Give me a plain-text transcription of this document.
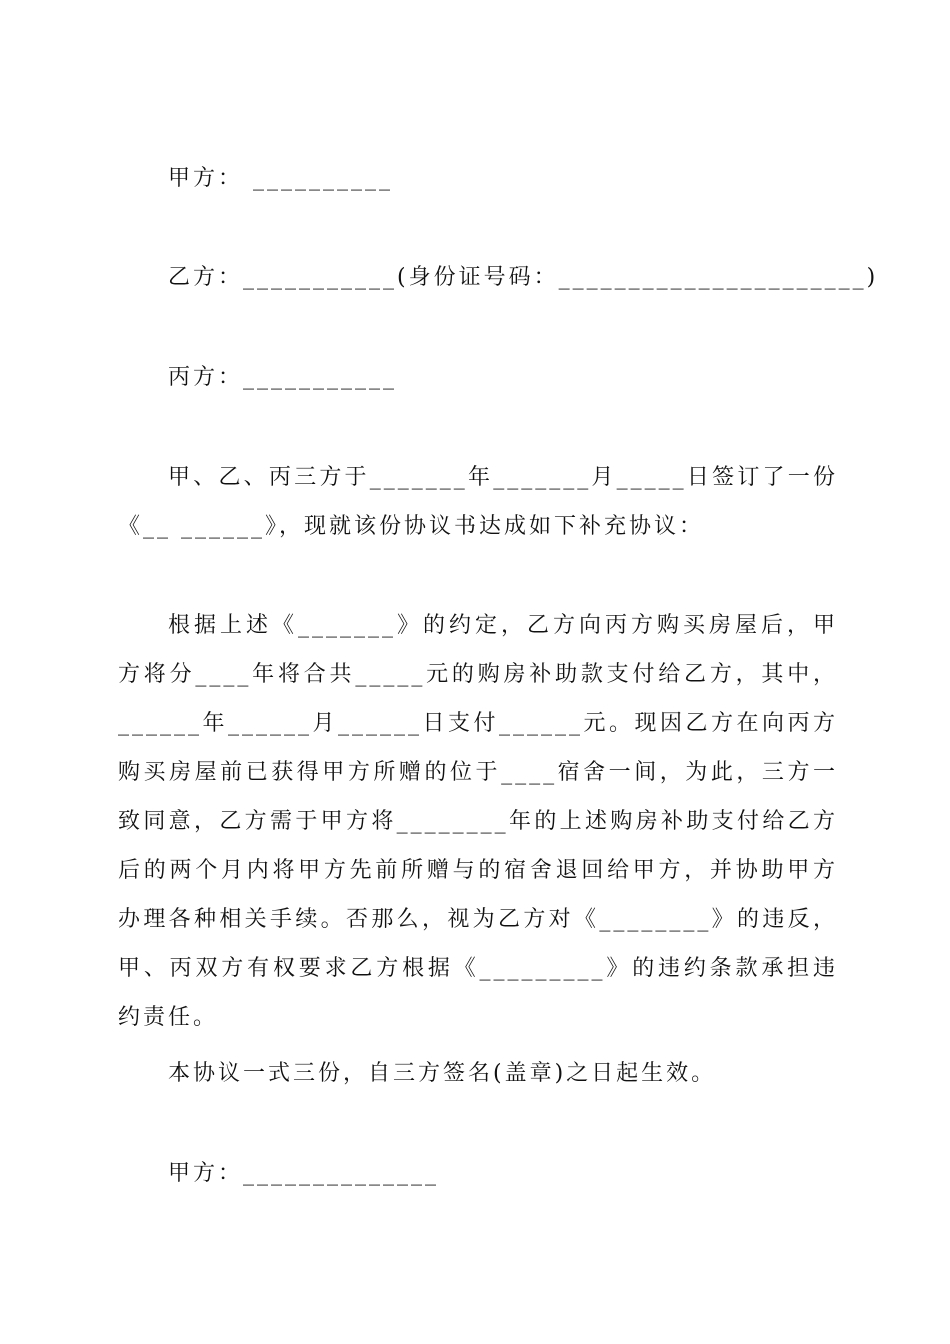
甲方： __________
乙方：___________(身份证号码：______________________)
丙方：___________

甲、乙、丙三方于_______年_______月_____日签订了一份《__ ______》，现就该份协议书达成如下补充协议：

根据上述《_______》的约定，乙方向丙方购买房屋后，甲方将分____年将合共_____元的购房补助款支付给乙方，其中，______年______月______日支付______元。现因乙方在向丙方购买房屋前已获得甲方所赠的位于____宿舍一间，为此，三方一致同意，乙方需于甲方将________年的上述购房补助支付给乙方后的两个月内将甲方先前所赠与的宿舍退回给甲方，并协助甲方办理各种相关手续。否那么，视为乙方对《________》的违反，甲、丙双方有权要求乙方根据《_________》的违约条款承担违约责任。

本协议一式三份，自三方签名(盖章)之日起生效。
甲方：______________
